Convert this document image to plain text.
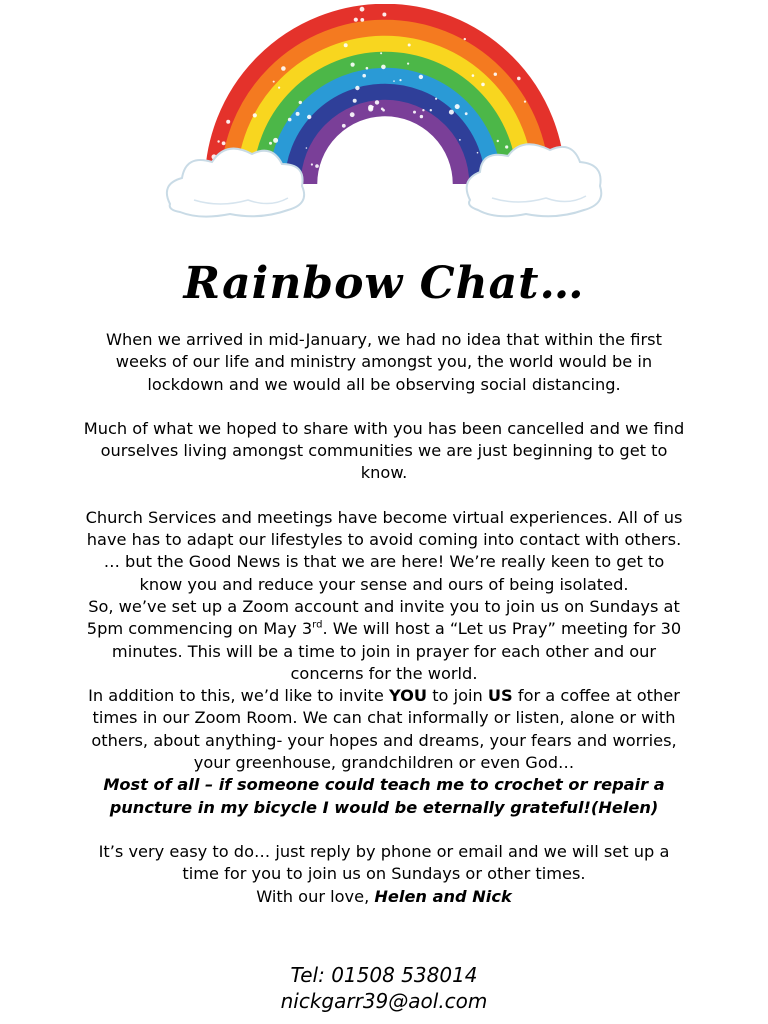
Rainbow Chat…

When we arrived in mid-January, we had no idea that within the first weeks of our life and ministry amongst you, the world would be in lockdown and we would all be observing social distancing.

Much of what we hoped to share with you has been cancelled and we find ourselves living amongst communities we are just beginning to get to know.

Church Services and meetings have become virtual experiences. All of us have has to adapt our lifestyles to avoid coming into contact with others. … but the Good News is that we are here! We’re really keen to get to know you and reduce your sense and ours of being isolated.

So, we’ve set up a Zoom account and invite you to join us on Sundays at 5pm commencing on May 3rd. We will host a “Let us Pray” meeting for 30 minutes. This will be a time to join in prayer for each other and our concerns for the world.

In addition to this, we’d like to invite YOU to join US for a coffee at other times in our Zoom Room. We can chat informally or listen, alone or with others, about anything- your hopes and dreams, your fears and worries, your greenhouse, grandchildren or even God…

Most of all – if someone could teach me to crochet or repair a puncture in my bicycle I would be eternally grateful!(Helen)

It’s very easy to do… just reply by phone or email and we will set up a time for you to join us on Sundays or other times.

With our love, Helen and Nick

Tel: 01508 538014
nickgarr39@aol.com
